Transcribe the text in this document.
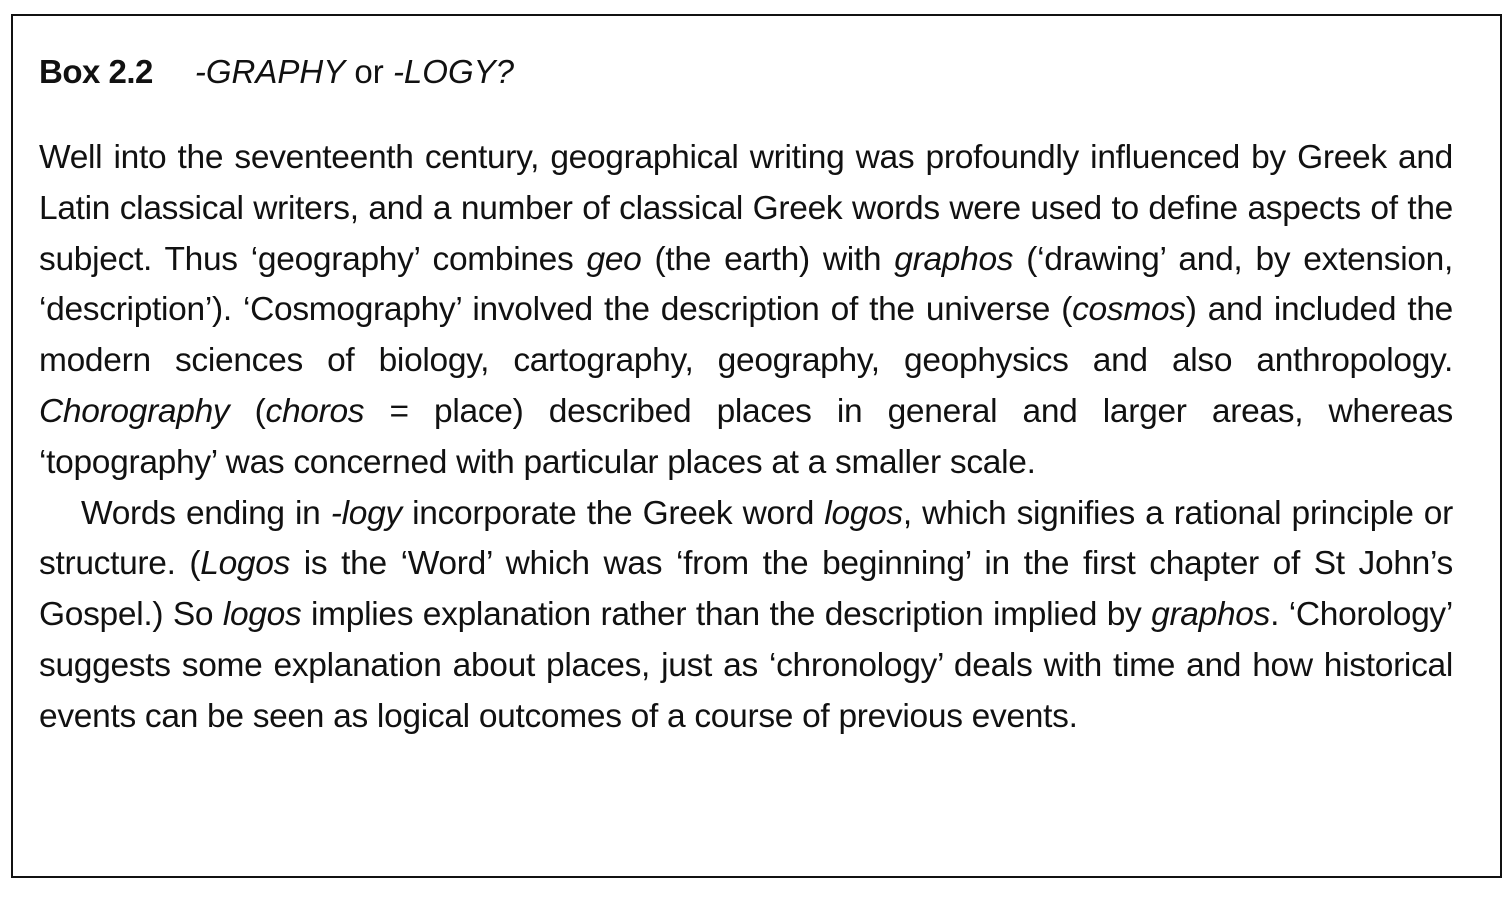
Box 2.2 -GRAPHY or -LOGY?

Well into the seventeenth century, geographical writing was profoundly influenced by Greek and Latin classical writers, and a number of classical Greek words were used to define aspects of the subject. Thus ‘geography’ combines geo (the earth) with graphos (‘drawing’ and, by extension, ‘description’). ‘Cosmography’ involved the description of the universe (cosmos) and included the modern sciences of biology, cartography, geography, geophysics and also anthropology. Chorography (choros = place) described places in general and larger areas, whereas ‘topography’ was concerned with particular places at a smaller scale.

Words ending in -logy incorporate the Greek word logos, which signifies a rational principle or structure. (Logos is the ‘Word’ which was ‘from the beginning’ in the first chapter of St John’s Gospel.) So logos implies explanation rather than the description implied by graphos. ‘Chorology’ suggests some explanation about places, just as ‘chronology’ deals with time and how historical events can be seen as logical outcomes of a course of previous events.
